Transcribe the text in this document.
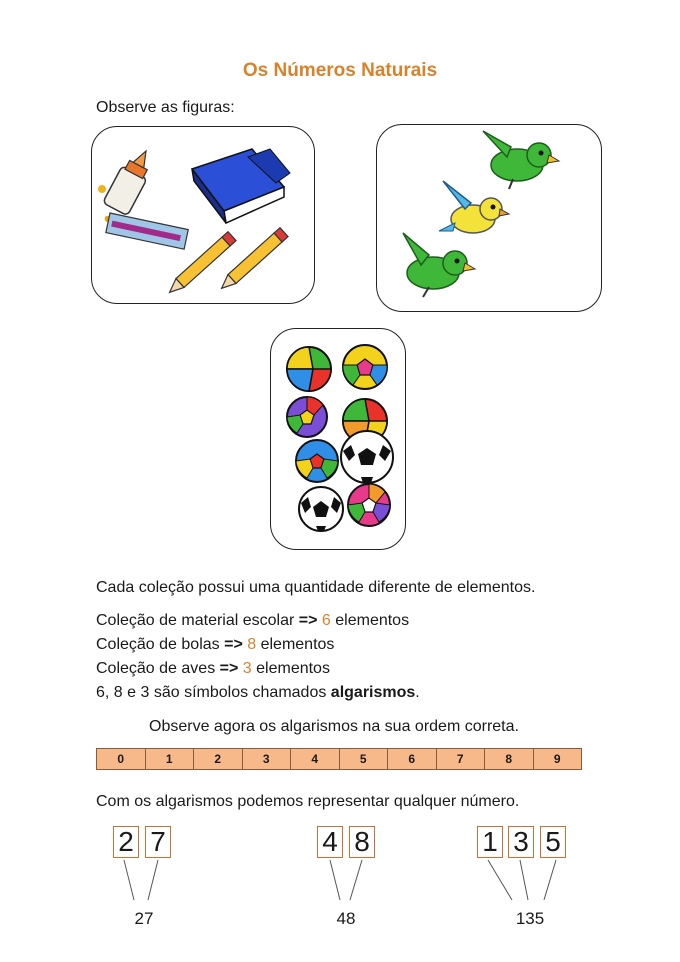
Os Números Naturais
Observe as figuras:
Cada coleção possui uma quantidade diferente de elementos.
Coleção de material escolar => 6 elementos
Coleção de bolas => 8 elementos
Coleção de aves => 3 elementos
6, 8 e 3 são símbolos chamados algarismos.
Observe agora os algarismos na sua ordem correta.
0	1	2	3	4	5	6	7	8	9
Com os algarismos podemos representar qualquer número.
2 7
27
4 8
48
1 3 5
135
